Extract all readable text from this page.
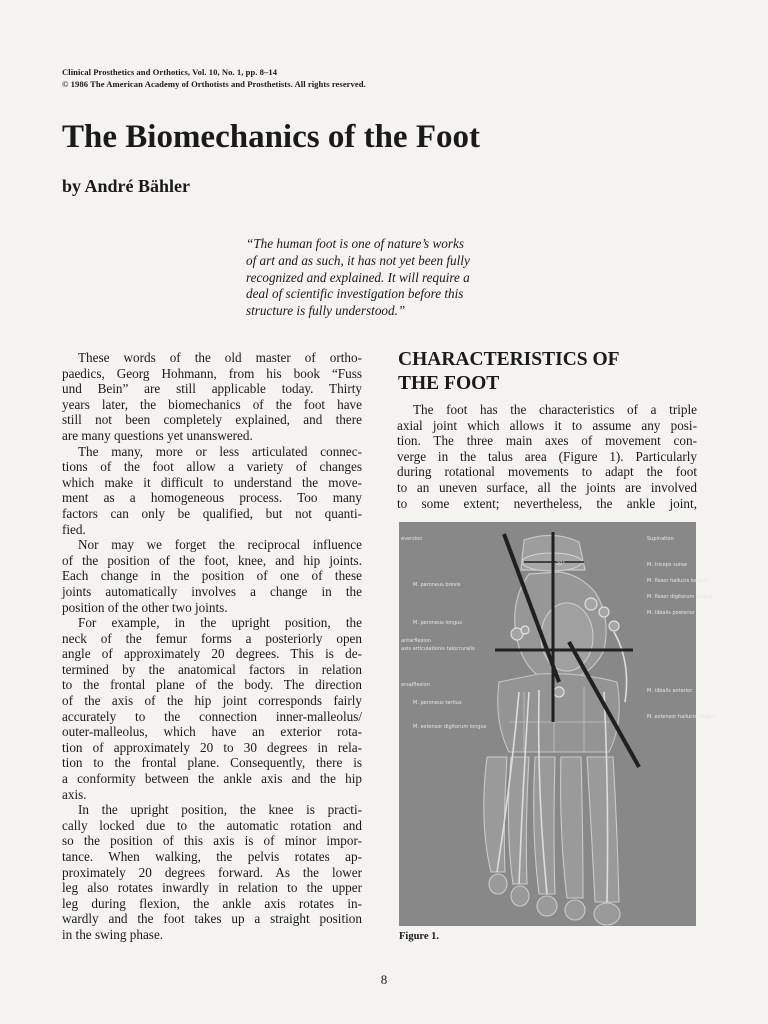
Clinical Prosthetics and Orthotics, Vol. 10, No. 1, pp. 8–14
© 1986 The American Academy of Orthotists and Prosthetists. All rights reserved.
The Biomechanics of the Foot
by André Bähler
“The human foot is one of nature’s works
of art and as such, it has not yet been fully
recognized and explained. It will require a
deal of scientific investigation before this
structure is fully understood.”
These words of the old master of ortho-
paedics, Georg Hohmann, from his book “Fuss
und Bein” are still applicable today. Thirty
years later, the biomechanics of the foot have
still not been completely explained, and there
are many questions yet unanswered.
The many, more or less articulated connec-
tions of the foot allow a variety of changes
which make it difficult to understand the move-
ment as a homogeneous process. Too many
factors can only be qualified, but not quanti-
fied.
Nor may we forget the reciprocal influence
of the position of the foot, knee, and hip joints.
Each change in the position of one of these
joints automatically involves a change in the
position of the other two joints.
For example, in the upright position, the
neck of the femur forms a posteriorly open
angle of approximately 20 degrees. This is de-
termined by the anatomical factors in relation
to the frontal plane of the body. The direction
of the axis of the hip joint corresponds fairly
accurately to the connection inner-malleolus/
outer-malleolus, which have an exterior rota-
tion of approximately 20 to 30 degrees in rela-
tion to the frontal plane. Consequently, there is
a conformity between the ankle axis and the hip
axis.
In the upright position, the knee is practi-
cally locked due to the automatic rotation and
so the position of this axis is of minor impor-
tance. When walking, the pelvis rotates ap-
proximately 20 degrees forward. As the lower
leg also rotates inwardly in relation to the upper
leg during flexion, the ankle axis rotates in-
wardly and the foot takes up a straight position
in the swing phase.
CHARACTERISTICS OF
THE FOOT
The foot has the characteristics of a triple
axial joint which allows it to assume any posi-
tion. The three main axes of movement con-
verge in the talus area (Figure 1). Particularly
during rotational movements to adapt the foot
to an uneven surface, all the joints are involved
to some extent; nevertheless, the ankle joint,
20°
eversion
M. peroneus brevis
M. peroneus longus
antarflexion
axis articulationis talocruralis
ersalflexion
M. peroneus tertius
M. extensor digitorum longus
Supination
M. triceps surae
M. flexor hallucis longus
M. flexor digitorum longus
M. tibialis posterior
M. tibialis anterior
M. extensor hallucis longus
Figure 1.
8
